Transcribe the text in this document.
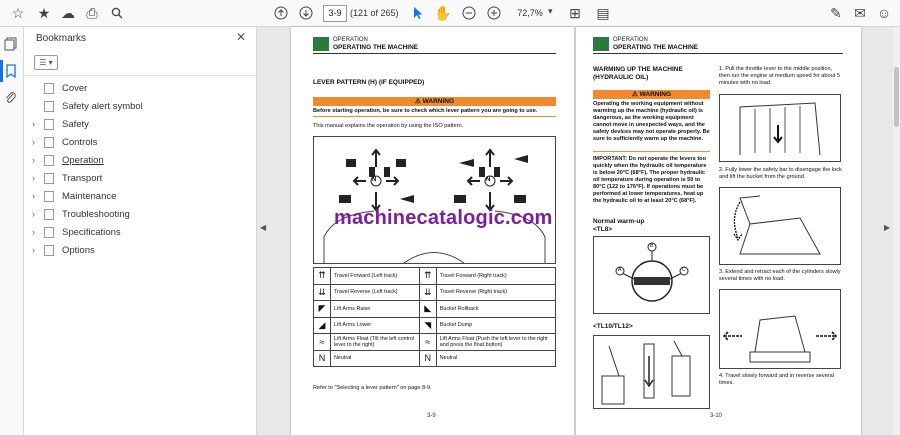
☆ ★ ☁ ⎙	3-9 (121 of 265)	✋	72,7% ▾ ⊞ ▤	✎ ✉ ☺
Bookmarks	✕
☰ ▾
Cover
Safety alert symbol
›	Safety
›	Controls
›	Operation
›	Transport
›	Maintenance
›	Troubleshooting
›	Specifications
›	Options
◀	▶
OPERATION
OPERATING THE MACHINE
LEVER PATTERN (H) (IF EQUIPPED)
⚠ WARNING
Before starting operation, be sure to check which lever pattern you are going to use.
This manual explains the operation by using the ISO pattern.
N	N
⇈	Travel Forward (Left track)	⇈	Travel Forward (Right track)
⇊	Travel Reverse (Left track)	⇊	Travel Reverse (Right track)
◤	Lift Arms Raise	◣	Bucket Rollback
◢	Lift Arms Lower	◥	Bucket Dump
≈	Lift Arms Float (Tilt the left control lever to the right)	≈	Lift Arms Float (Push the left lever to the right and press the float button)
N	Neutral	N	Neutral
Refer to "Selecting a lever pattern" on page 8-9.
3-9
OPERATION
OPERATING THE MACHINE
WARMING UP THE MACHINE
(HYDRAULIC OIL)
⚠ WARNING
Operating the working equipment without warming up the machine (hydraulic oil) is dangerous, as the working equipment cannot move in unexpected ways, and the safety devices may not operate properly. Be sure to sufficiently warm up the machine.
IMPORTANT: Do not operate the levers too quickly when the hydraulic oil temperature is below 20°C (68°F). The proper hydraulic oil temperature during operation is 50 to 80°C (122 to 176°F). If operations must be performed at lower temperatures, heat up the hydraulic oil to at least 20°C (68°F).
Normal warm-up
<TL8>
A
B
C
<TL10/TL12>
1. Pull the throttle lever to the middle position, then run the engine at medium speed for about 5 minutes with no load.
2. Fully lower the safety bar to disengage the lock and lift the bucket from the ground.
3. Extend and retract each of the cylinders slowly several times with no load.
4. Travel slowly forward and in reverse several times.
3-10
machinecatalogic.com
